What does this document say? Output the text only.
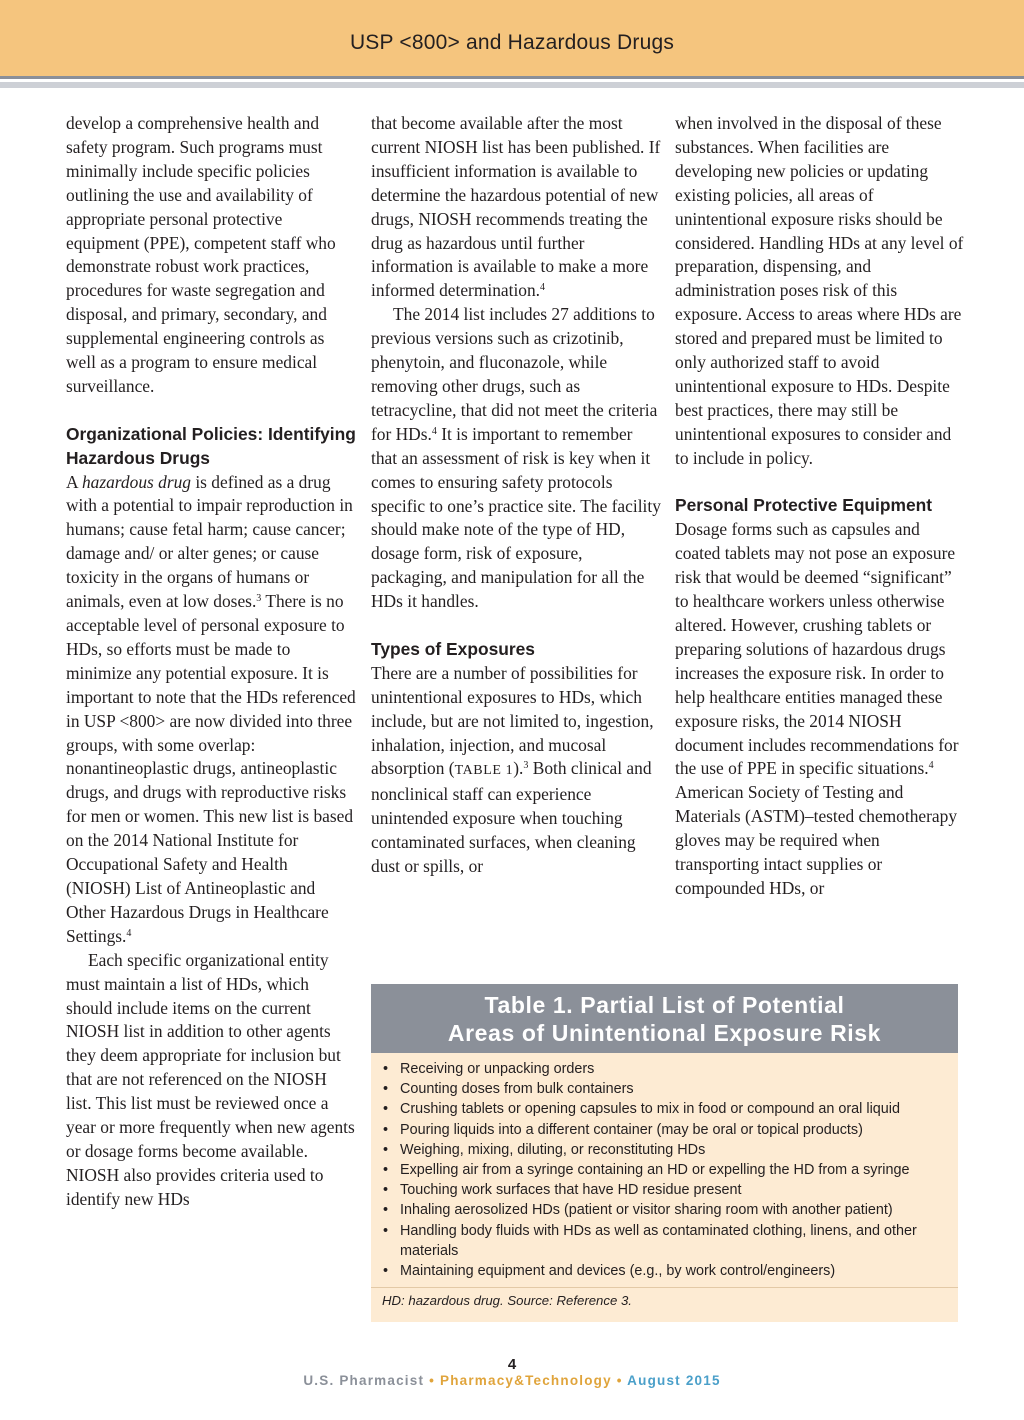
USP <800> and Hazardous Drugs

develop a comprehensive health and safety program. Such programs must minimally include specific policies outlining the use and availability of appropriate personal protective equipment (PPE), competent staff who demonstrate robust work practices, procedures for waste segregation and disposal, and primary, secondary, and supplemental engineering controls as well as a program to ensure medical surveillance.

Organizational Policies: Identifying Hazardous Drugs

A hazardous drug is defined as a drug with a potential to impair reproduction in humans; cause fetal harm; cause cancer; damage and/ or alter genes; or cause toxicity in the organs of humans or animals, even at low doses.$^3$ There is no acceptable level of personal exposure to HDs, so efforts must be made to minimize any potential exposure. It is important to note that the HDs referenced in USP <800> are now divided into three groups, with some overlap: nonantineoplastic drugs, antineoplastic drugs, and drugs with reproductive risks for men or women. This new list is based on the 2014 National Institute for Occupational Safety and Health (NIOSH) List of Antineoplastic and Other Hazardous Drugs in Healthcare Settings.$^4$

Each specific organizational entity must maintain a list of HDs, which should include items on the current NIOSH list in addition to other agents they deem appropriate for inclusion but that are not referenced on the NIOSH list. This list must be reviewed once a year or more frequently when new agents or dosage forms become available. NIOSH also provides criteria used to identify new HDs

that become available after the most current NIOSH list has been published. If insufficient information is available to determine the hazardous potential of new drugs, NIOSH recommends treating the drug as hazardous until further information is available to make a more informed determination.$^4$

The 2014 list includes 27 additions to previous versions such as crizotinib, phenytoin, and fluconazole, while removing other drugs, such as tetracycline, that did not meet the criteria for HDs.$^4$ It is important to remember that an assessment of risk is key when it comes to ensuring safety protocols specific to one’s practice site. The facility should make note of the type of HD, dosage form, risk of exposure, packaging, and manipulation for all the HDs it handles.

Types of Exposures

There are a number of possibilities for unintentional exposures to HDs, which include, but are not limited to, ingestion, inhalation, injection, and mucosal absorption (TABLE 1).$^3$ Both clinical and nonclinical staff can experience unintended exposure when touching contaminated surfaces, when cleaning dust or spills, or

when involved in the disposal of these substances. When facilities are developing new policies or updating existing policies, all areas of unintentional exposure risks should be considered. Handling HDs at any level of preparation, dispensing, and administration poses risk of this exposure. Access to areas where HDs are stored and prepared must be limited to only authorized staff to avoid unintentional exposure to HDs. Despite best practices, there may still be unintentional exposures to consider and to include in policy.

Personal Protective Equipment

Dosage forms such as capsules and coated tablets may not pose an exposure risk that would be deemed “significant” to healthcare workers unless otherwise altered. However, crushing tablets or preparing solutions of hazardous drugs increases the exposure risk. In order to help healthcare entities managed these exposure risks, the 2014 NIOSH document includes recommendations for the use of PPE in specific situations.$^4$ American Society of Testing and Materials (ASTM)–tested chemotherapy gloves may be required when transporting intact supplies or compounded HDs, or

Table 1. Partial List of Potential
Areas of Unintentional Exposure Risk
• Receiving or unpacking orders
• Counting doses from bulk containers
• Crushing tablets or opening capsules to mix in food or compound an oral liquid
• Pouring liquids into a different container (may be oral or topical products)
• Weighing, mixing, diluting, or reconstituting HDs
• Expelling air from a syringe containing an HD or expelling the HD from a syringe
• Touching work surfaces that have HD residue present
• Inhaling aerosolized HDs (patient or visitor sharing room with another patient)
• Handling body fluids with HDs as well as contaminated clothing, linens, and other materials
• Maintaining equipment and devices (e.g., by work control/engineers)
HD: hazardous drug. Source: Reference 3.
4
U.S. Pharmacist • Pharmacy&Technology • August 2015
